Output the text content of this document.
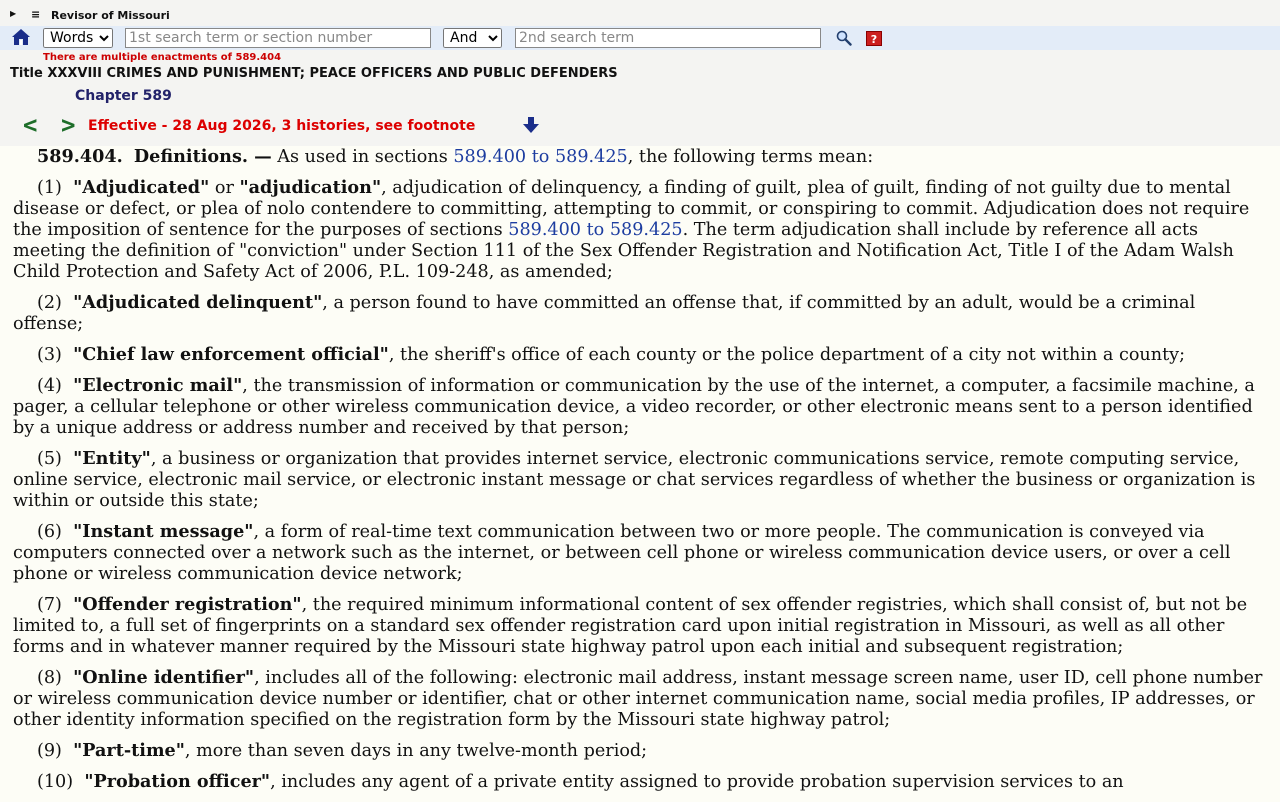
▶ ≡ Revisor of Missouri
Words
1st search term or section number
And
2nd search term
?
There are multiple enactments of 589.404
Title XXXVIII CRIMES AND PUNISHMENT; PEACE OFFICERS AND PUBLIC DEFENDERS
Chapter 589
< > Effective - 28 Aug 2026, 3 histories, see footnote

589.404. Definitions. — As used in sections 589.400 to 589.425, the following terms mean:

(1) "Adjudicated" or "adjudication", adjudication of delinquency, a finding of guilt, plea of guilt, finding of not guilty due to mental disease or defect, or plea of nolo contendere to committing, attempting to commit, or conspiring to commit. Adjudication does not require the imposition of sentence for the purposes of sections 589.400 to 589.425. The term adjudication shall include by reference all acts meeting the definition of "conviction" under Section 111 of the Sex Offender Registration and Notification Act, Title I of the Adam Walsh Child Protection and Safety Act of 2006, P.L. 109-248, as amended;

(2) "Adjudicated delinquent", a person found to have committed an offense that, if committed by an adult, would be a criminal offense;

(3) "Chief law enforcement official", the sheriff's office of each county or the police department of a city not within a county;

(4) "Electronic mail", the transmission of information or communication by the use of the internet, a computer, a facsimile machine, a pager, a cellular telephone or other wireless communication device, a video recorder, or other electronic means sent to a person identified by a unique address or address number and received by that person;

(5) "Entity", a business or organization that provides internet service, electronic communications service, remote computing service, online service, electronic mail service, or electronic instant message or chat services regardless of whether the business or organization is within or outside this state;

(6) "Instant message", a form of real-time text communication between two or more people. The communication is conveyed via computers connected over a network such as the internet, or between cell phone or wireless communication device users, or over a cell phone or wireless communication device network;

(7) "Offender registration", the required minimum informational content of sex offender registries, which shall consist of, but not be limited to, a full set of fingerprints on a standard sex offender registration card upon initial registration in Missouri, as well as all other forms and in whatever manner required by the Missouri state highway patrol upon each initial and subsequent registration;

(8) "Online identifier", includes all of the following: electronic mail address, instant message screen name, user ID, cell phone number or wireless communication device number or identifier, chat or other internet communication name, social media profiles, IP addresses, or other identity information specified on the registration form by the Missouri state highway patrol;

(9) "Part-time", more than seven days in any twelve-month period;

(10) "Probation officer", includes any agent of a private entity assigned to provide probation supervision services to an
